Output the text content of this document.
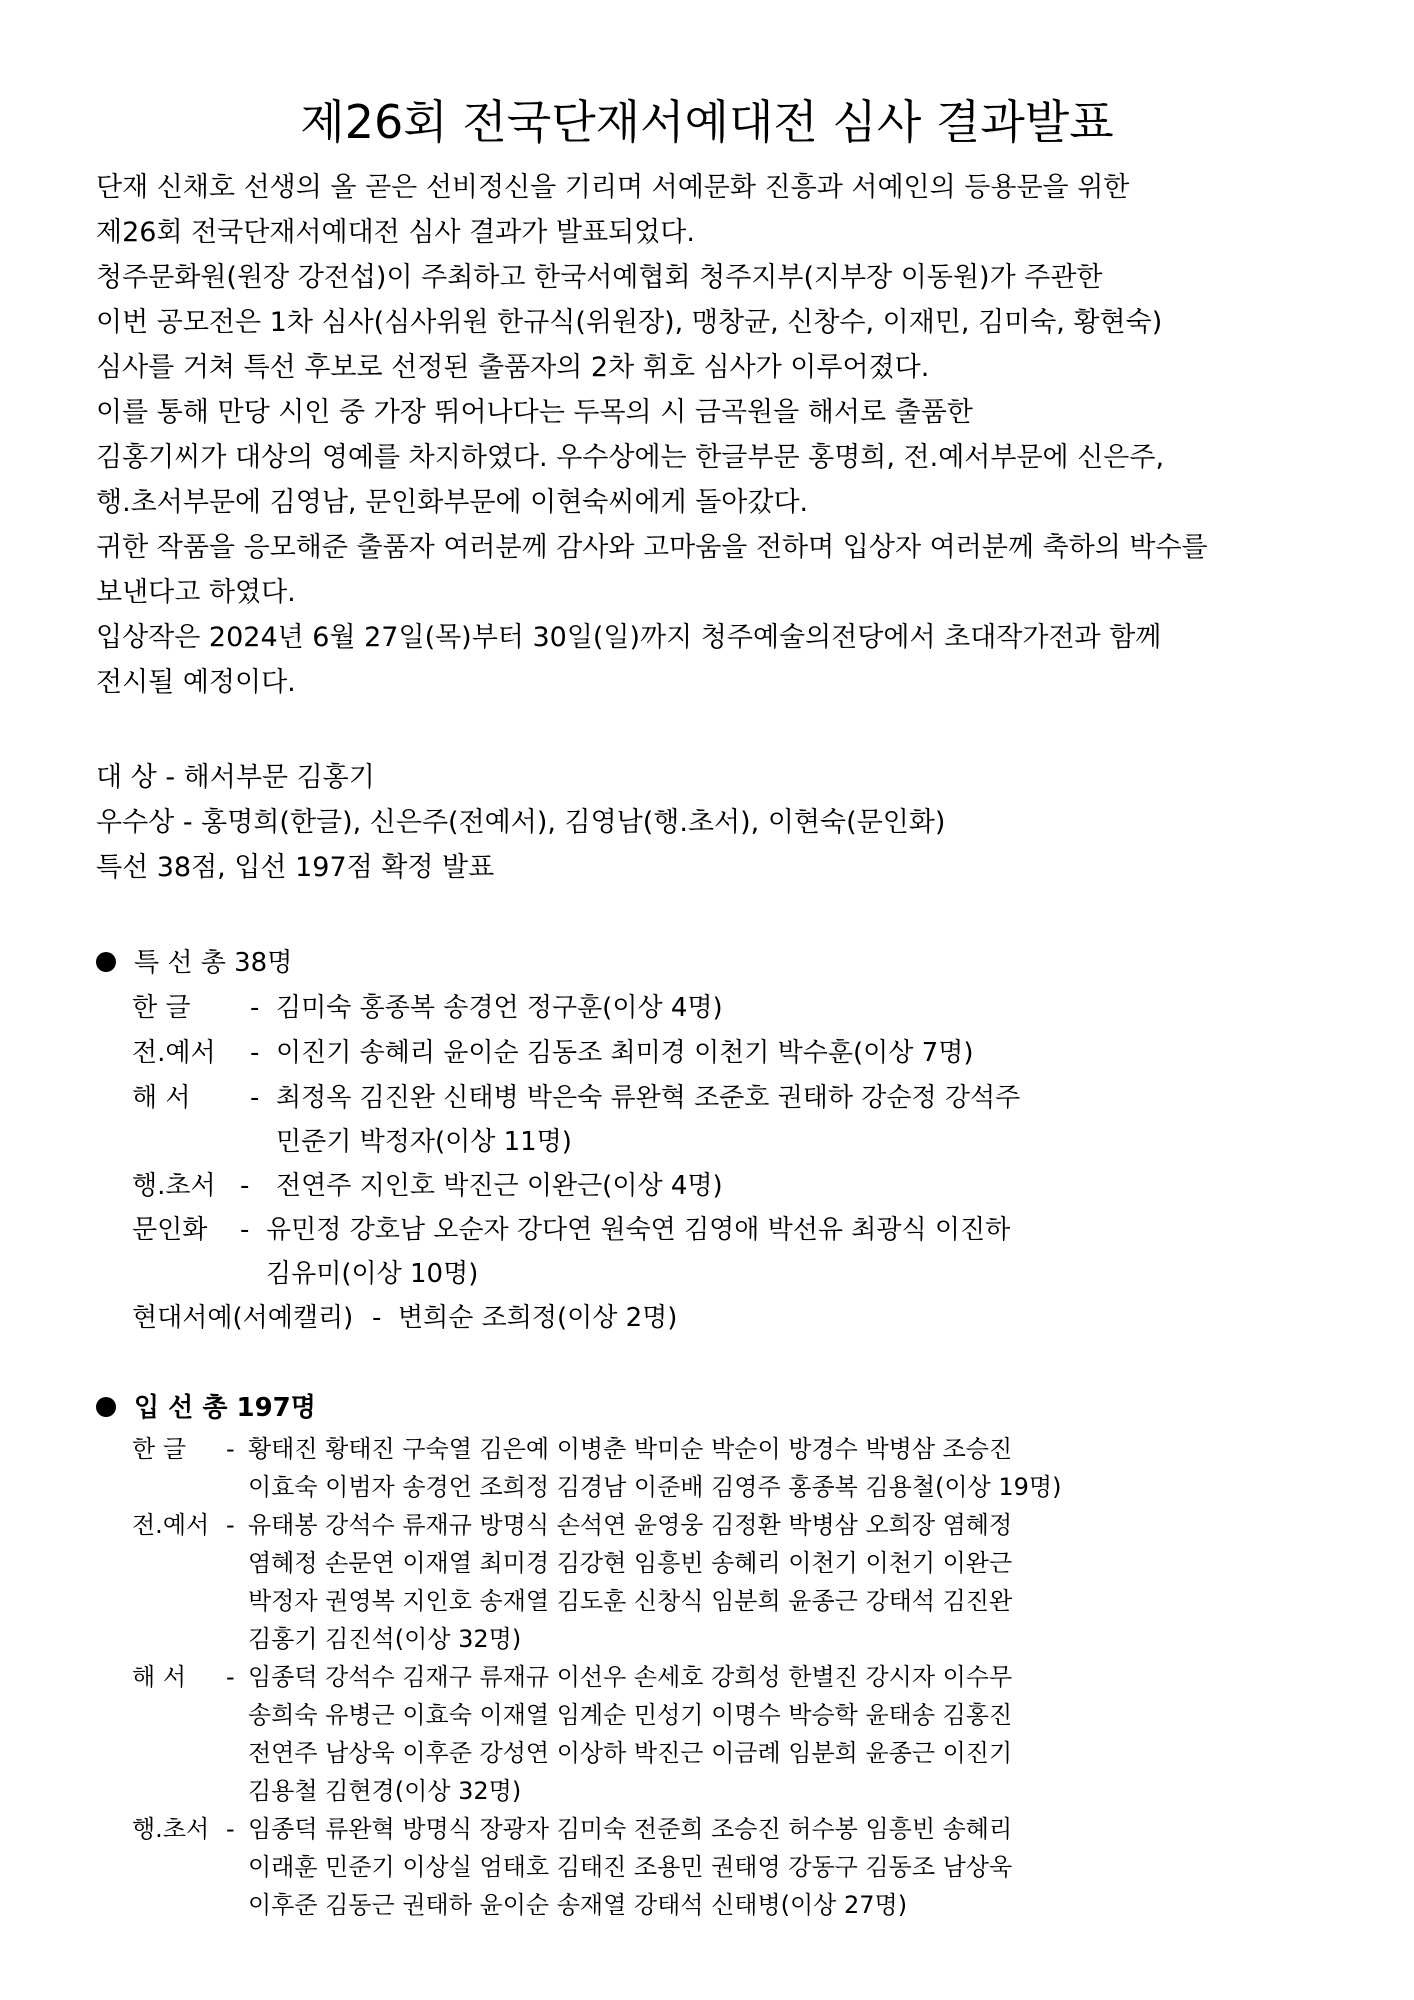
제26회 전국단재서예대전 심사 결과발표
단재 신채호 선생의 올 곧은 선비정신을 기리며 서예문화 진흥과 서예인의 등용문을 위한
제26회 전국단재서예대전 심사 결과가 발표되었다.
청주문화원(원장 강전섭)이 주최하고 한국서예협회 청주지부(지부장 이동원)가 주관한
이번 공모전은 1차 심사(심사위원 한규식(위원장), 맹창균, 신창수, 이재민, 김미숙, 황현숙)
심사를 거쳐 특선 후보로 선정된 출품자의 2차 휘호 심사가 이루어졌다.
이를 통해 만당 시인 중 가장 뛰어나다는 두목의 시 금곡원을 해서로 출품한
김홍기씨가 대상의 영예를 차지하였다. 우수상에는 한글부문 홍명희, 전.예서부문에 신은주,
행.초서부문에 김영남, 문인화부문에 이현숙씨에게 돌아갔다.
귀한 작품을 응모해준 출품자 여러분께 감사와 고마움을 전하며 입상자 여러분께 축하의 박수를
보낸다고 하였다.
입상작은 2024년 6월 27일(목)부터 30일(일)까지 청주예술의전당에서 초대작가전과 함께
전시될 예정이다.
대 상 - 해서부문 김홍기
우수상 - 홍명희(한글), 신은주(전예서), 김영남(행.초서), 이현숙(문인화)
특선 38점, 입선 197점 확정 발표
특 선 총 38명
한 글 - 김미숙 홍종복 송경언 정구훈(이상 4명)
전.예서 - 이진기 송혜리 윤이순 김동조 최미경 이천기 박수훈(이상 7명)
해 서 - 최정옥 김진완 신태병 박은숙 류완혁 조준호 권태하 강순정 강석주
민준기 박정자(이상 11명)
행.초서 - 전연주 지인호 박진근 이완근(이상 4명)
문인화 - 유민정 강호남 오순자 강다연 원숙연 김영애 박선유 최광식 이진하
김유미(이상 10명)
현대서예(서예캘리) - 변희순 조희정(이상 2명)
입 선 총 197명
한 글 - 황태진 황태진 구숙열 김은예 이병춘 박미순 박순이 방경수 박병삼 조승진
이효숙 이범자 송경언 조희정 김경남 이준배 김영주 홍종복 김용철(이상 19명)
전.예서 - 유태봉 강석수 류재규 방명식 손석연 윤영웅 김정환 박병삼 오희장 염혜정
염혜정 손문연 이재열 최미경 김강현 임흥빈 송혜리 이천기 이천기 이완근
박정자 권영복 지인호 송재열 김도훈 신창식 임분희 윤종근 강태석 김진완
김홍기 김진석(이상 32명)
해 서 - 임종덕 강석수 김재구 류재규 이선우 손세호 강희성 한별진 강시자 이수무
송희숙 유병근 이효숙 이재열 임계순 민성기 이명수 박승학 윤태송 김홍진
전연주 남상욱 이후준 강성연 이상하 박진근 이금례 임분희 윤종근 이진기
김용철 김현경(이상 32명)
행.초서 - 임종덕 류완혁 방명식 장광자 김미숙 전준희 조승진 허수봉 임흥빈 송혜리
이래훈 민준기 이상실 엄태호 김태진 조용민 권태영 강동구 김동조 남상욱
이후준 김동근 권태하 윤이순 송재열 강태석 신태병(이상 27명)
